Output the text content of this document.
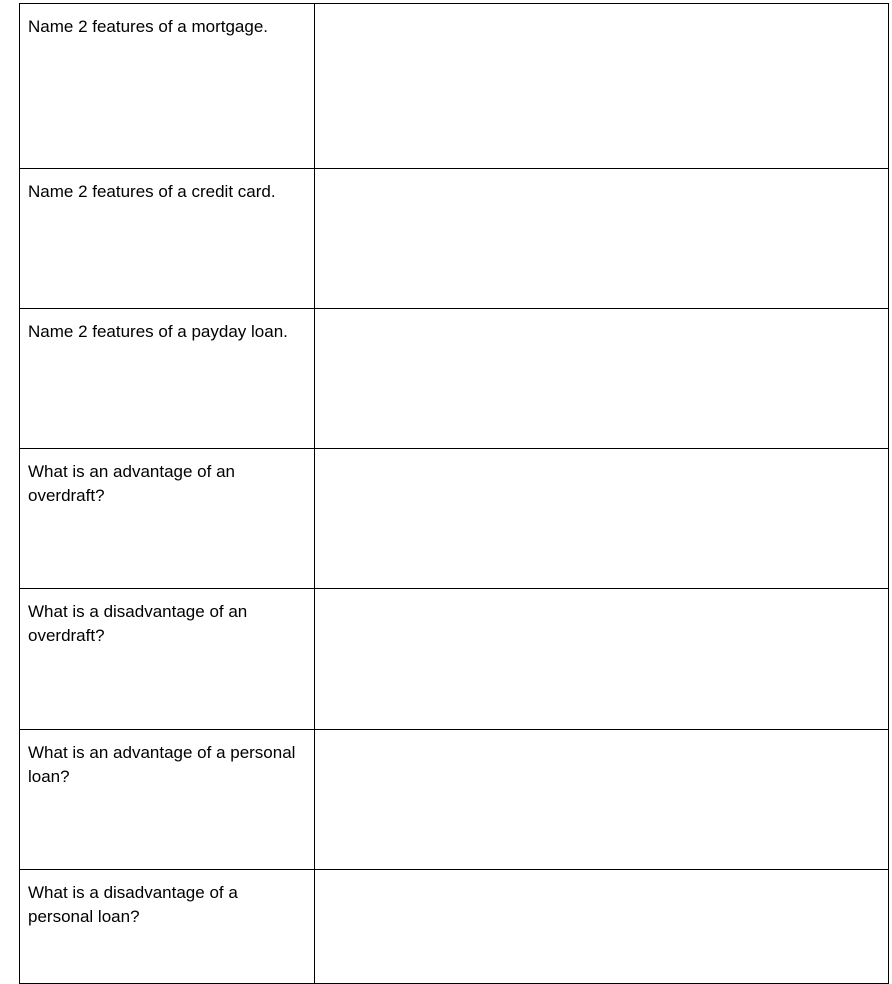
Name 2 features of a mortgage.	

Name 2 features of a credit card.	

Name 2 features of a payday loan.	

What is an advantage of an overdraft?	

What is a disadvantage of an overdraft?	

What is an advantage of a personal loan?	

What is a disadvantage of a personal loan?	
